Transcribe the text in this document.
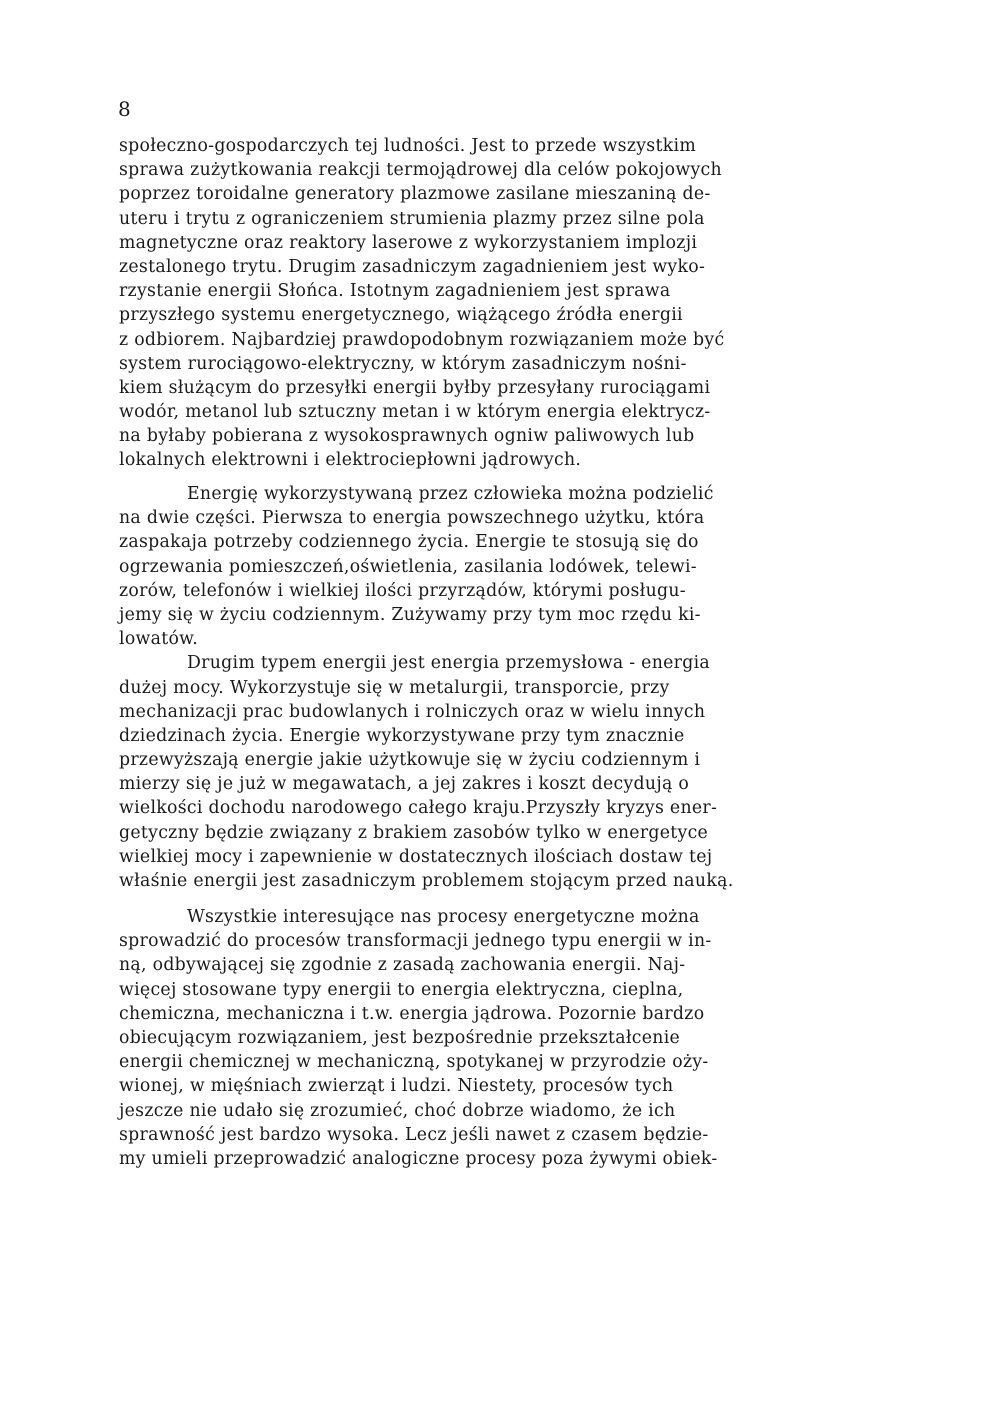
8
społeczno-gospodarczych tej ludności. Jest to przede wszystkim
sprawa zużytkowania reakcji termojądrowej dla celów pokojowych
poprzez toroidalne generatory plazmowe zasilane mieszaniną de-
uteru i trytu z ograniczeniem strumienia plazmy przez silne pola
magnetyczne oraz reaktory laserowe z wykorzystaniem implozji
zestalonego trytu. Drugim zasadniczym zagadnieniem jest wyko-
rzystanie energii Słońca. Istotnym zagadnieniem jest sprawa
przyszłego systemu energetycznego, wiążącego źródła energii
z odbiorem. Najbardziej prawdopodobnym rozwiązaniem może być
system rurociągowo-elektryczny, w którym zasadniczym nośni-
kiem służącym do przesyłki energii byłby przesyłany rurociągami
wodór, metanol lub sztuczny metan i w którym energia elektrycz-
na byłaby pobierana z wysokosprawnych ogniw paliwowych lub
lokalnych elektrowni i elektrociepłowni jądrowych.
Energię wykorzystywaną przez człowieka można podzielić
na dwie części. Pierwsza to energia powszechnego użytku, która
zaspakaja potrzeby codziennego życia. Energie te stosują się do
ogrzewania pomieszczeń,oświetlenia, zasilania lodówek, telewi-
zorów, telefonów i wielkiej ilości przyrządów, którymi posługu-
jemy się w życiu codziennym. Zużywamy przy tym moc rzędu ki-
lowatów.
Drugim typem energii jest energia przemysłowa - energia
dużej mocy. Wykorzystuje się w metalurgii, transporcie, przy
mechanizacji prac budowlanych i rolniczych oraz w wielu innych
dziedzinach życia. Energie wykorzystywane przy tym znacznie
przewyższają energie jakie użytkowuje się w życiu codziennym i
mierzy się je już w megawatach, a jej zakres i koszt decydują o
wielkości dochodu narodowego całego kraju.Przyszły kryzys ener-
getyczny będzie związany z brakiem zasobów tylko w energetyce
wielkiej mocy i zapewnienie w dostatecznych ilościach dostaw tej
właśnie energii jest zasadniczym problemem stojącym przed nauką.
Wszystkie interesujące nas procesy energetyczne można
sprowadzić do procesów transformacji jednego typu energii w in-
ną, odbywającej się zgodnie z zasadą zachowania energii. Naj-
więcej stosowane typy energii to energia elektryczna, cieplna,
chemiczna, mechaniczna i t.w. energia jądrowa. Pozornie bardzo
obiecującym rozwiązaniem, jest bezpośrednie przekształcenie
energii chemicznej w mechaniczną, spotykanej w przyrodzie oży-
wionej, w mięśniach zwierząt i ludzi. Niestety, procesów tych
jeszcze nie udało się zrozumieć, choć dobrze wiadomo, że ich
sprawność jest bardzo wysoka. Lecz jeśli nawet z czasem będzie-
my umieli przeprowadzić analogiczne procesy poza żywymi obiek-
